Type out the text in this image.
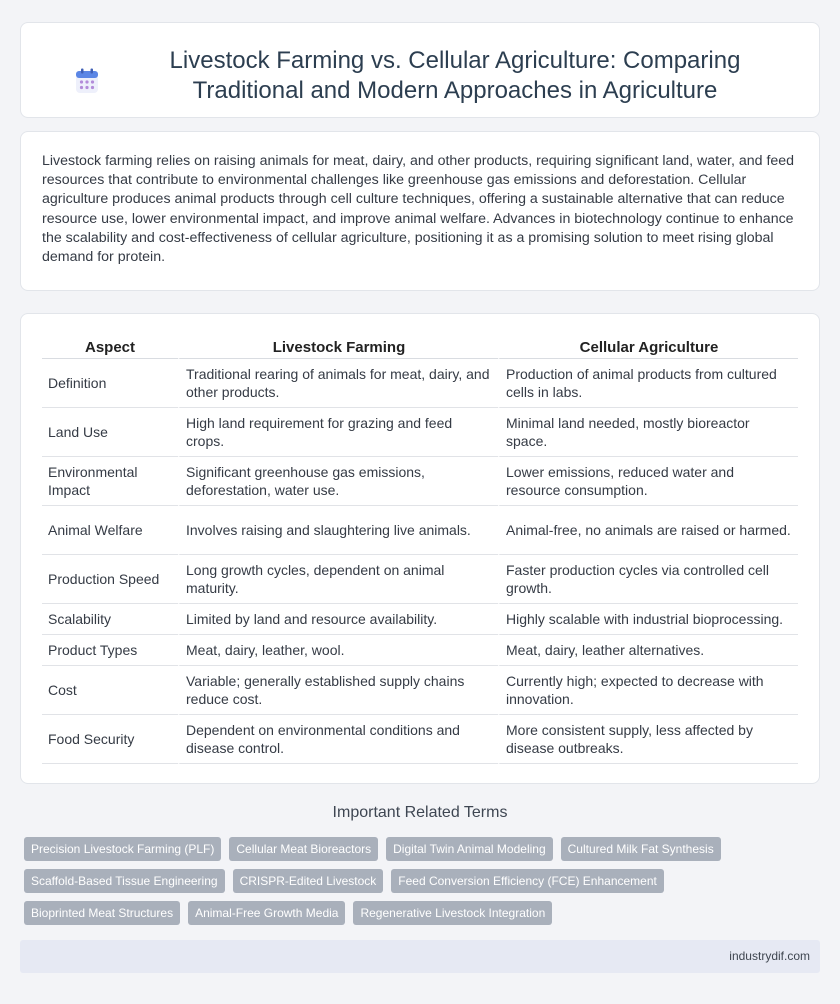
Livestock Farming vs. Cellular Agriculture: Comparing Traditional and Modern Approaches in Agriculture

Livestock farming relies on raising animals for meat, dairy, and other products, requiring significant land, water, and feed resources that contribute to environmental challenges like greenhouse gas emissions and deforestation. Cellular agriculture produces animal products through cell culture techniques, offering a sustainable alternative that can reduce resource use, lower environmental impact, and improve animal welfare. Advances in biotechnology continue to enhance the scalability and cost-effectiveness of cellular agriculture, positioning it as a promising solution to meet rising global demand for protein.

Aspect	Livestock Farming	Cellular Agriculture
Definition	Traditional rearing of animals for meat, dairy, and other products.	Production of animal products from cultured cells in labs.
Land Use	High land requirement for grazing and feed crops.	Minimal land needed, mostly bioreactor space.
Environmental Impact	Significant greenhouse gas emissions, deforestation, water use.	Lower emissions, reduced water and resource consumption.
Animal Welfare	Involves raising and slaughtering live animals.	Animal-free, no animals are raised or harmed.
Production Speed	Long growth cycles, dependent on animal maturity.	Faster production cycles via controlled cell growth.
Scalability	Limited by land and resource availability.	Highly scalable with industrial bioprocessing.
Product Types	Meat, dairy, leather, wool.	Meat, dairy, leather alternatives.
Cost	Variable; generally established supply chains reduce cost.	Currently high; expected to decrease with innovation.
Food Security	Dependent on environmental conditions and disease control.	More consistent supply, less affected by disease outbreaks.
Important Related Terms
Precision Livestock Farming (PLF)	Cellular Meat Bioreactors	Digital Twin Animal Modeling	Cultured Milk Fat Synthesis
Scaffold-Based Tissue Engineering	CRISPR-Edited Livestock	Feed Conversion Efficiency (FCE) Enhancement
Bioprinted Meat Structures	Animal-Free Growth Media	Regenerative Livestock Integration
industrydif.com
